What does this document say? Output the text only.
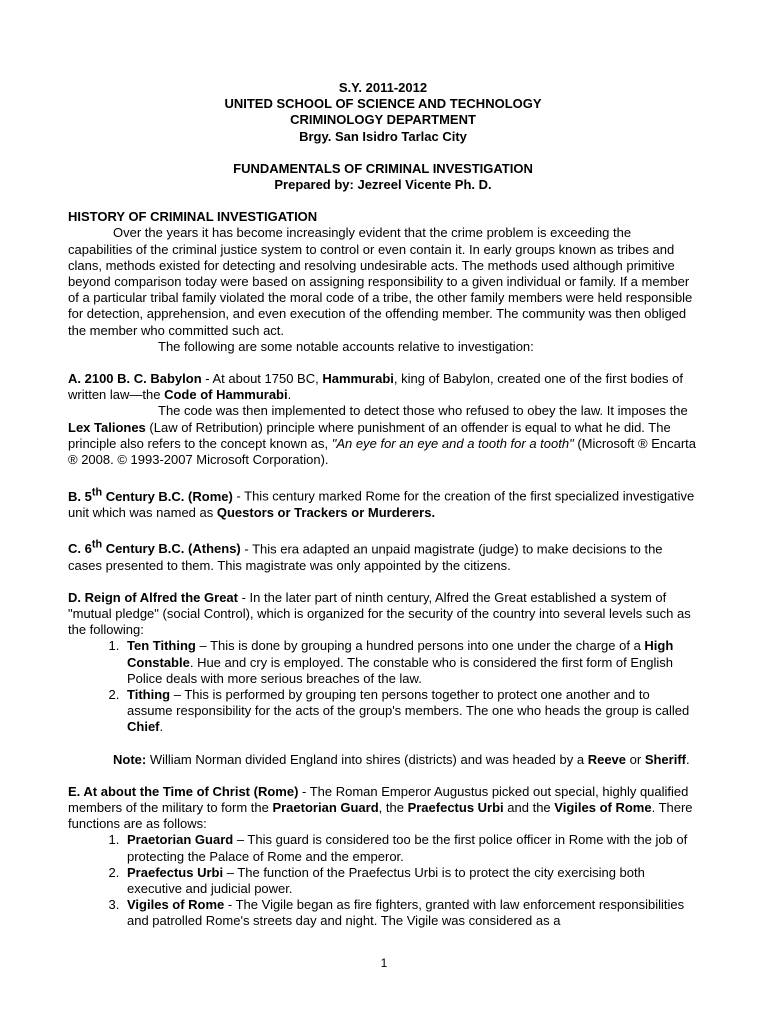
S.Y. 2011-2012
UNITED SCHOOL OF SCIENCE AND TECHNOLOGY
CRIMINOLOGY DEPARTMENT
Brgy. San Isidro Tarlac City
FUNDAMENTALS OF CRIMINAL INVESTIGATION
Prepared by: Jezreel Vicente Ph. D.

HISTORY OF CRIMINAL INVESTIGATION

Over the years it has become increasingly evident that the crime problem is exceeding the capabilities of the criminal justice system to control or even contain it. In early groups known as tribes and clans, methods existed for detecting and resolving undesirable acts. The methods used although primitive beyond comparison today were based on assigning responsibility to a given individual or family. If a member of a particular tribal family violated the moral code of a tribe, the other family members were held responsible for detection, apprehension, and even execution of the offending member. The community was then obliged the member who committed such act.

The following are some notable accounts relative to investigation:

A. 2100 B. C. Babylon - At about 1750 BC, Hammurabi, king of Babylon, created one of the first bodies of written law—the Code of Hammurabi.

The code was then implemented to detect those who refused to obey the law. It imposes the Lex Taliones (Law of Retribution) principle where punishment of an offender is equal to what he did. The principle also refers to the concept known as, "An eye for an eye and a tooth for a tooth" (Microsoft ® Encarta ® 2008. © 1993-2007 Microsoft Corporation).

B. 5th Century B.C. (Rome) - This century marked Rome for the creation of the first specialized investigative unit which was named as Questors or Trackers or Murderers.

C. 6th Century B.C. (Athens) - This era adapted an unpaid magistrate (judge) to make decisions to the cases presented to them. This magistrate was only appointed by the citizens.

D. Reign of Alfred the Great - In the later part of ninth century, Alfred the Great established a system of "mutual pledge" (social Control), which is organized for the security of the country into several levels such as the following:

1. Ten Tithing – This is done by grouping a hundred persons into one under the charge of a High Constable. Hue and cry is employed. The constable who is considered the first form of English Police deals with more serious breaches of the law.
2. Tithing – This is performed by grouping ten persons together to protect one another and to assume responsibility for the acts of the group's members. The one who heads the group is called Chief.

Note: William Norman divided England into shires (districts) and was headed by a Reeve or Sheriff.

E. At about the Time of Christ (Rome) - The Roman Emperor Augustus picked out special, highly qualified members of the military to form the Praetorian Guard, the Praefectus Urbi and the Vigiles of Rome. There functions are as follows:

1. Praetorian Guard – This guard is considered too be the first police officer in Rome with the job of protecting the Palace of Rome and the emperor.
2. Praefectus Urbi – The function of the Praefectus Urbi is to protect the city exercising both executive and judicial power.
3. Vigiles of Rome - The Vigile began as fire fighters, granted with law enforcement responsibilities and patrolled Rome's streets day and night. The Vigile was considered as a
1
